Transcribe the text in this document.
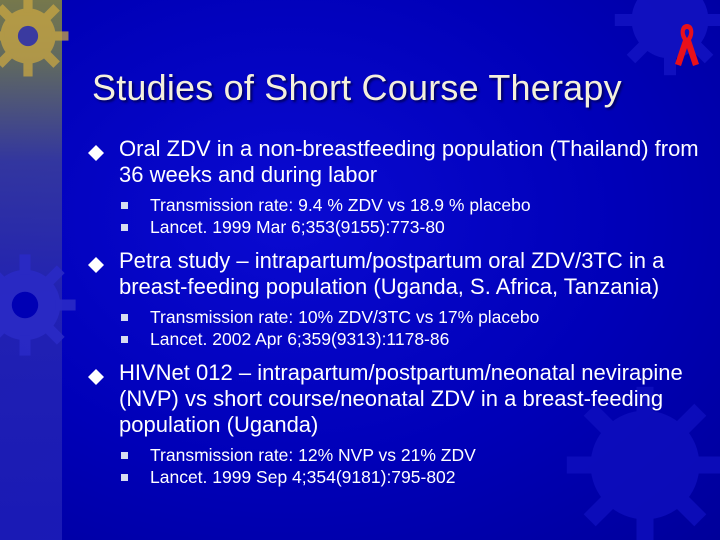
Studies of Short Course Therapy
Oral ZDV in a non-breastfeeding population (Thailand) from 36 weeks and during labor
Transmission rate: 9.4 % ZDV vs 18.9 % placebo
Lancet. 1999 Mar 6;353(9155):773-80
Petra study – intrapartum/postpartum oral ZDV/3TC in a breast-feeding population (Uganda, S. Africa, Tanzania)
Transmission rate: 10% ZDV/3TC vs 17% placebo
Lancet. 2002 Apr 6;359(9313):1178-86
HIVNet 012 – intrapartum/postpartum/neonatal nevirapine (NVP) vs short course/neonatal ZDV in a breast-feeding population (Uganda)
Transmission rate: 12% NVP vs 21% ZDV
Lancet. 1999 Sep 4;354(9181):795-802
